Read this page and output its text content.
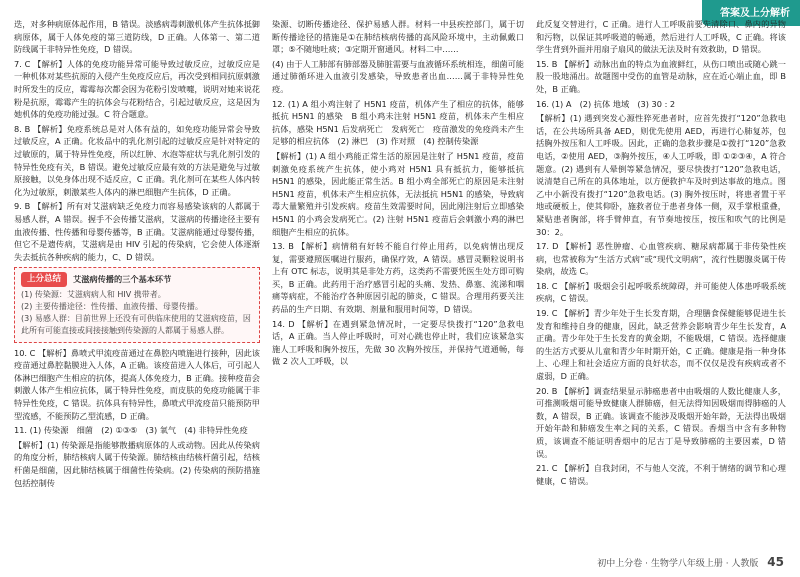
答案及上分解析

迭，对多种病原体起作用，B 错误。淡感病毒刺激机体产生抗体抵御病原体，属于人体免疫的第三道防线，D 正确。人体第一、第二道防线属于非特异性免疫，D 错误。

7. C 【解析】人体的免疫功能异常可能导致过敏反应，过敏反应是一种机体对某些抗原的入侵产生免疫反应后，再次受到相同抗原刺激时所发生的反应，霉霉每次都会因为花粉引发喷嚏，说明对她来说花粉是抗原，霉霉产生的抗体会与花粉结合，引起过敏反应，这是因为她机体的免疫功能过强。C 符合题意。

8. B 【解析】免疫系统总是对人体有益的，如免疫功能异常会导致过敏反应，A 正确。化妆品中的乳化剂引起的过敏反应是针对特定的过敏原的，属于特异性免疫，所以红肿、水泡等症状与乳化剂引发的特异性免疫有关，B 错误。避免过敏反应最有效的方法是避免与过敏原接触，以免身体出现不适反应，C 正确。乳化剂可在某些人体内转化为过敏原，刺激某些人体内的淋巴细胞产生抗体，D 正确。

9. B 【解析】所有对艾滋病缺乏免疫力而容易感染该病的人都属于易感人群，A 错误。握手不会传播艾滋病，艾滋病的传播途径主要有血液传播、性传播和母婴传播等，B 正确。艾滋病能通过母婴传播，但它不是遗传病，艾滋病是由 HIV 引起的传染病，它会使人体逐渐失去抵抗各种疾病的能力，C、D 错误。

上分总结	艾滋病传播的三个基本环节
(1) 传染源：艾滋病病人和 HIV 携带者。
(2) 主要传播途径：性传播、血液传播、母婴传播。
(3) 易感人群：目前世界上还没有可供临床使用的艾滋病疫苗，因此所有可能直接或间接接触到传染源的人都属于易感人群。

10. C 【解析】鼻喷式甲流疫苗通过在鼻腔内喷施进行接种，因此该疫苗通过鼻腔黏膜进入人体，A 正确。该疫苗进入人体后，可引起人体淋巴细胞产生相应的抗体，提高人体免疫力，B 正确。接种疫苗会刺激人体产生相应抗体，属于特异性免疫，而皮肤的免疫功能属于非特异性免疫，C 错误。抗体具有特异性，鼻喷式甲流疫苗只能预防甲型流感，不能预防乙型流感，D 正确。

11. (1) 传染源　细菌　(2) ①③⑤　(3) 氧气　(4) 非特异性免疫

【解析】(1) 传染源是指能够散播病原体的人或动物。因此从传染病的角度分析，肺结核病人属于传染源。肺结核由结核杆菌引起，结核杆菌是细菌，因此肺结核属于细菌性传染病。(2) 传染病的预防措施包括控制传

染源、切断传播途径、保护易感人群。材料一中县疾控部门，属于切断传播途径的措施是①在肺结核病传播的高风险环境中，主动佩戴口罩；⑤不随地吐痰；③定期开窗通风。材料二中……

(4) 由于人工肺部有肺部器及肺脏需要与血液循环系统相连，细菌可能通过肺循环进入血液引发感染，导致患者出血……属于非特异性免疫。

12. (1) A 组小鸡注射了 H5N1 疫苗，机体产生了相应的抗体，能够抵抗 H5N1 的感染　B 组小鸡未注射 H5N1 疫苗，机体未产生相应抗体，感染 H5N1 后发病死亡　发病死亡　疫苗激发的免疫尚未产生足够的相应抗体　(2) 淋巴　(3) 作对照　(4) 控制传染源

【解析】(1) A 组小鸡能正常生活的原因是注射了 H5N1 疫苗，疫苗刺激免疫系统产生抗体，使小鸡对 H5N1 具有抵抗力，能够抵抗 H5N1 的感染，因此能正常生活。B 组小鸡全部死亡的原因是未注射 H5N1 疫苗，机体未产生相应抗体，无法抵抗 H5N1 的感染，导致病毒大量繁殖并引发疾病。疫苗生效需要时间，因此刚注射后立即感染 H5N1 的小鸡会发病死亡。(2) 注射 H5N1 疫苗后会刺激小鸡的淋巴细胞产生相应的抗体。

13. B 【解析】病情稍有好转不能自行停止用药，以免病情出现反复，需要遵照医嘱进行服药，确保疗效，A 错误。感冒灵颗粒说明书上有 OTC 标志，说明其是非处方药，这类药不需要凭医生处方即可购买，B 正确。此药用于治疗感冒引起的头痛、发热、鼻塞、流涕和咽痛等病症，不能治疗各种原因引起的肺炎，C 错误。合理用药要关注药品的生产日期、有效期、剂量和服用时间等，D 错误。

14. D 【解析】在遇到紧急情况时，一定要尽快拨打“120”急救电话，A 正确。当人停止呼吸时，可对心跳也停止时，我们应该紧急实施人工呼吸和胸外按压，先做 30 次胸外按压，并保持气道通畅，每做 2 次人工呼吸，以

此反复交替进行，C 正确。进行人工呼吸前要先清除口、鼻内的异物和污物，以保证其呼吸道的畅通，然后进行人工呼吸，C 正确。将该学生背到外面并用扇子扇风的做法无法及时有效救助，D 错误。

15. B 【解析】动脉出血的特点为血液鲜红，从伤口喷出或随心跳一股一股地涌出。故题图中受伤的血管是动脉，应在近心端止血，即 B 处，B 正确。

16. (1) A　(2) 抗体 地域　(3) 30 : 2

【解析】(1) 遇到突发心源性猝死患者时，应首先拨打“120”急救电话，在公共场所具备 AED，则优先使用 AED，再进行心肺复苏，包括胸外按压和人工呼吸。因此，正确的急救步骤是①拨打“120”急救电话，②使用 AED，③胸外按压，④人工呼吸，即 ①②③④，A 符合题意。(2) 遇到有人晕倒等紧急情况，要尽快拨打“120”急救电话，说清楚自己所在的具体地址，以方便救护车及时到达事故的地点。图乙中小新没有拨打“120”急救电话。(3) 胸外按压时，将患者置于平地或硬板上，使其仰卧，施救者位于患者身体一侧，双手掌根重叠，紧贴患者胸部，将手臂伸直，有节奏地按压，按压和吹气的比例是 30：2。

17. D 【解析】恶性肿瘤、心血管疾病、糖尿病都属于非传染性疾病，也常被称为“生活方式病”或“现代文明病”，流行性腮腺炎属于传染病，故选 C。

18. C 【解析】吸烟会引起呼吸系统障碍，并可能使人体患呼吸系统疾病，C 错误。

19. C 【解析】青少年处于生长发育期，合理膳食保健能够促进生长发育和维持自身的健康，因此，缺乏营养会影响青少年生长发育，A 正确。青少年处于生长发育的黄金期，不能吸烟，C 错误。选择健康的生活方式要从儿童和青少年时期开始，C 正确。健康是指一种身体上、心理上和社会适应方面的良好状态，而不仅仅是没有疾病或者不虚弱，D 正确。

20. B 【解析】调查结果显示肺癌患者中由吸烟的人数比健康人多，可推测吸烟可能导致健康人群肺癌，但无法得知因吸烟而得肺癌的人数，A 错误，B 正确。该调查不能涉及吸烟开始年龄，无法得出吸烟开始年龄和肺癌发生率之间的关系，C 错误。香烟当中含有多种物质，该调查不能证明香烟中的尼古丁是导致肺癌的主要因素，D 错误。

21. C 【解析】自我封闭，不与他人交流，不利于情绪的调节和心理健康，C 错误。

初中上分卷 · 生物学八年级上册 · 人教版 45
